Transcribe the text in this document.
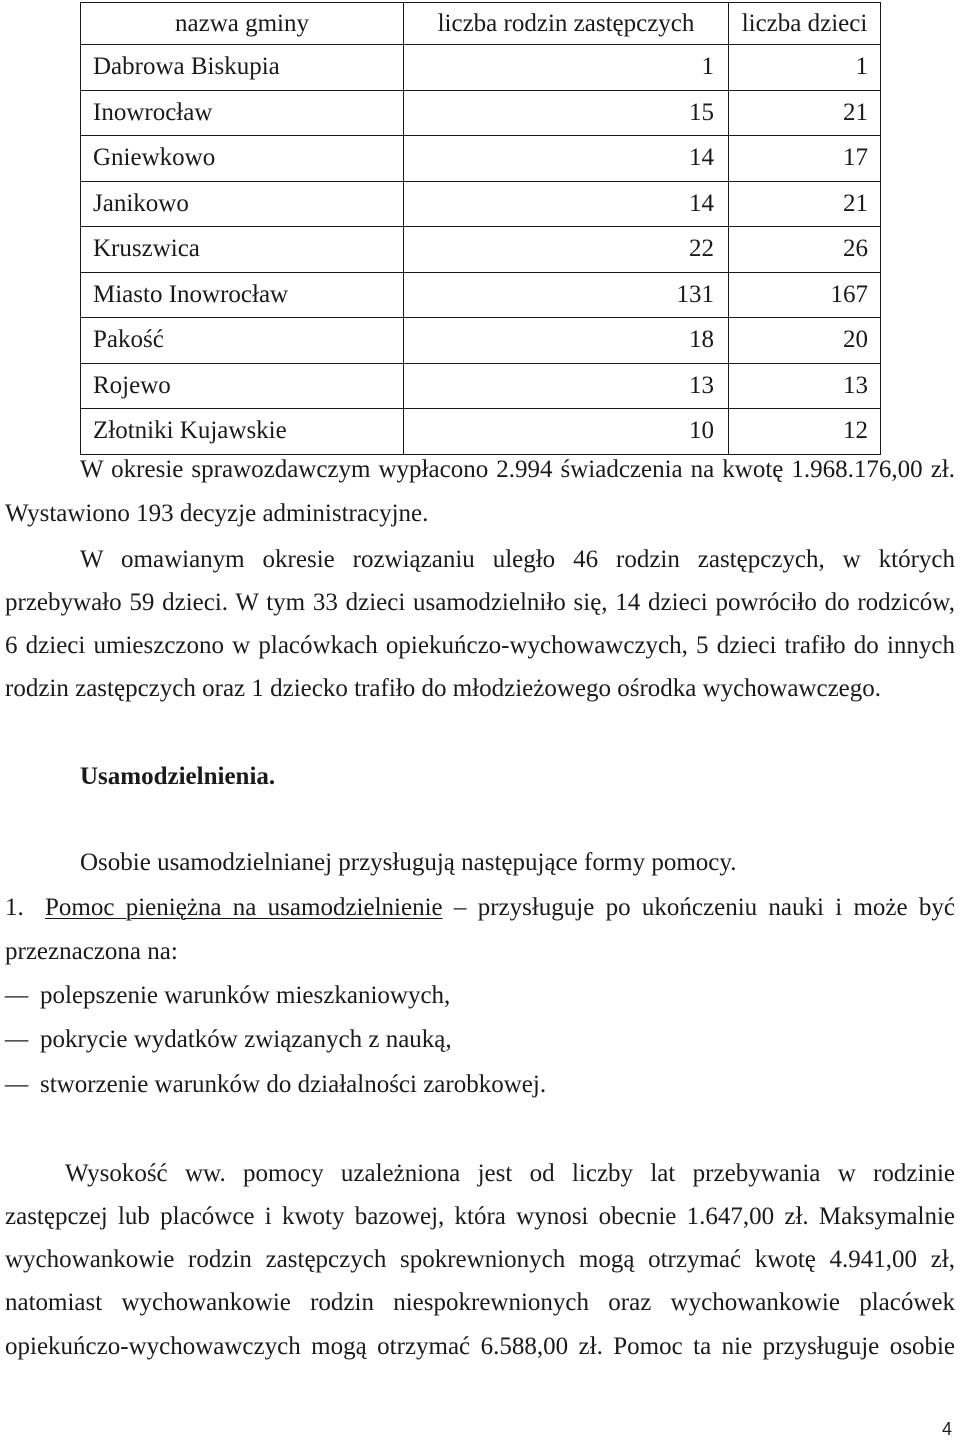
nazwa gminy	liczba rodzin zastępczych	liczba dzieci
Dabrowa Biskupia	1	1
Inowrocław	15	21
Gniewkowo	14	17
Janikowo	14	21
Kruszwica	22	26
Miasto Inowrocław	131	167
Pakość	18	20
Rojewo	13	13
Złotniki Kujawskie	10	12
W okresie sprawozdawczym wypłacono 2.994 świadczenia na kwotę 1.968.176,00 zł.
Wystawiono 193 decyzje administracyjne.
W omawianym okresie rozwiązaniu uległo 46 rodzin zastępczych, w których
przebywało 59 dzieci. W tym 33 dzieci usamodzielniło się, 14 dzieci powróciło do rodziców,
6 dzieci umieszczono w placówkach opiekuńczo-wychowawczych, 5 dzieci trafiło do innych
rodzin zastępczych oraz 1 dziecko trafiło do młodzieżowego ośrodka wychowawczego.
Usamodzielnienia.
Osobie usamodzielnianej przysługują następujące formy pomocy.
1. Pomoc pieniężna na usamodzielnienie – przysługuje po ukończeniu nauki i może być
przeznaczona na:
– polepszenie warunków mieszkaniowych,
– pokrycie wydatków związanych z nauką,
– stworzenie warunków do działalności zarobkowej.
Wysokość ww. pomocy uzależniona jest od liczby lat przebywania w rodzinie
zastępczej lub placówce i kwoty bazowej, która wynosi obecnie 1.647,00 zł. Maksymalnie
wychowankowie rodzin zastępczych spokrewnionych mogą otrzymać kwotę 4.941,00 zł,
natomiast wychowankowie rodzin niespokrewnionych oraz wychowankowie placówek
opiekuńczo-wychowawczych mogą otrzymać 6.588,00 zł. Pomoc ta nie przysługuje osobie
4
